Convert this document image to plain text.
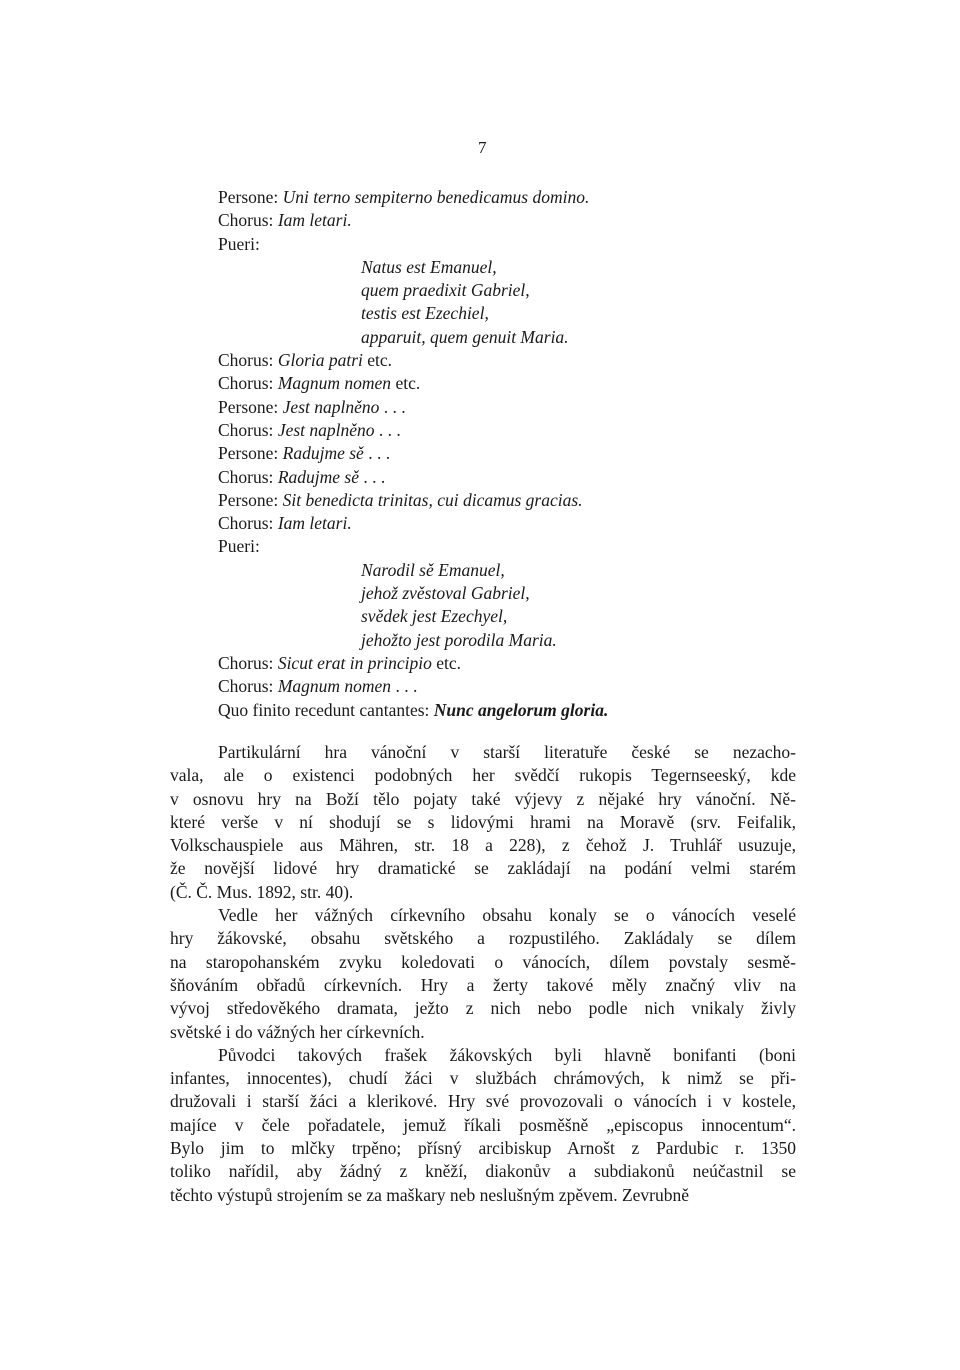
7
Persone: Uni terno sempiterno benedicamus domino.
Chorus: Iam letari.
Pueri:
Natus est Emanuel,
quem praedixit Gabriel,
testis est Ezechiel,
apparuit, quem genuit Maria.
Chorus: Gloria patri etc.
Chorus: Magnum nomen etc.
Persone: Jest naplněno . . .
Chorus: Jest naplněno . . .
Persone: Radujme sě . . .
Chorus: Radujme sě . . .
Persone: Sit benedicta trinitas, cui dicamus gracias.
Chorus: Iam letari.
Pueri:
Narodil sě Emanuel,
jehož zvěstoval Gabriel,
svědek jest Ezechyel,
jehožto jest porodila Maria.
Chorus: Sicut erat in principio etc.
Chorus: Magnum nomen . . .
Quo finito recedunt cantantes: Nunc angelorum gloria.
Partikulární hra vánoční v starší literatuře české se nezacho-
vala, ale o existenci podobných her svědčí rukopis Tegernseeský, kde
v osnovu hry na Boží tělo pojaty také výjevy z nějaké hry vánoční. Ně-
které verše v ní shodují se s lidovými hrami na Moravě (srv. Feifalik,
Volkschauspiele aus Mähren, str. 18 a 228), z čehož J. Truhlář usuzuje,
že novější lidové hry dramatické se zakládají na podání velmi starém
(Č. Č. Mus. 1892, str. 40).
Vedle her vážných církevního obsahu konaly se o vánocích veselé
hry žákovské, obsahu světského a rozpustilého. Zakládaly se dílem
na staropohanském zvyku koledovati o vánocích, dílem povstaly sesmě-
šňováním obřadů církevních. Hry a žerty takové měly značný vliv na
vývoj středověkého dramata, ježto z nich nebo podle nich vnikaly živly
světské i do vážných her církevních.
Původci takových frašek žákovských byli hlavně bonifanti (boni
infantes, innocentes), chudí žáci v službách chrámových, k nimž se při-
družovali i starší žáci a klerikové. Hry své provozovali o vánocích i v kostele,
majíce v čele pořadatele, jemuž říkali posměšně „episcopus innocentum“.
Bylo jim to mlčky trpěno; přísný arcibiskup Arnošt z Pardubic r. 1350
toliko nařídil, aby žádný z kněží, diakonův a subdiakonů neúčastnil se
těchto výstupů strojením se za maškary neb neslušným zpěvem. Zevrubně
